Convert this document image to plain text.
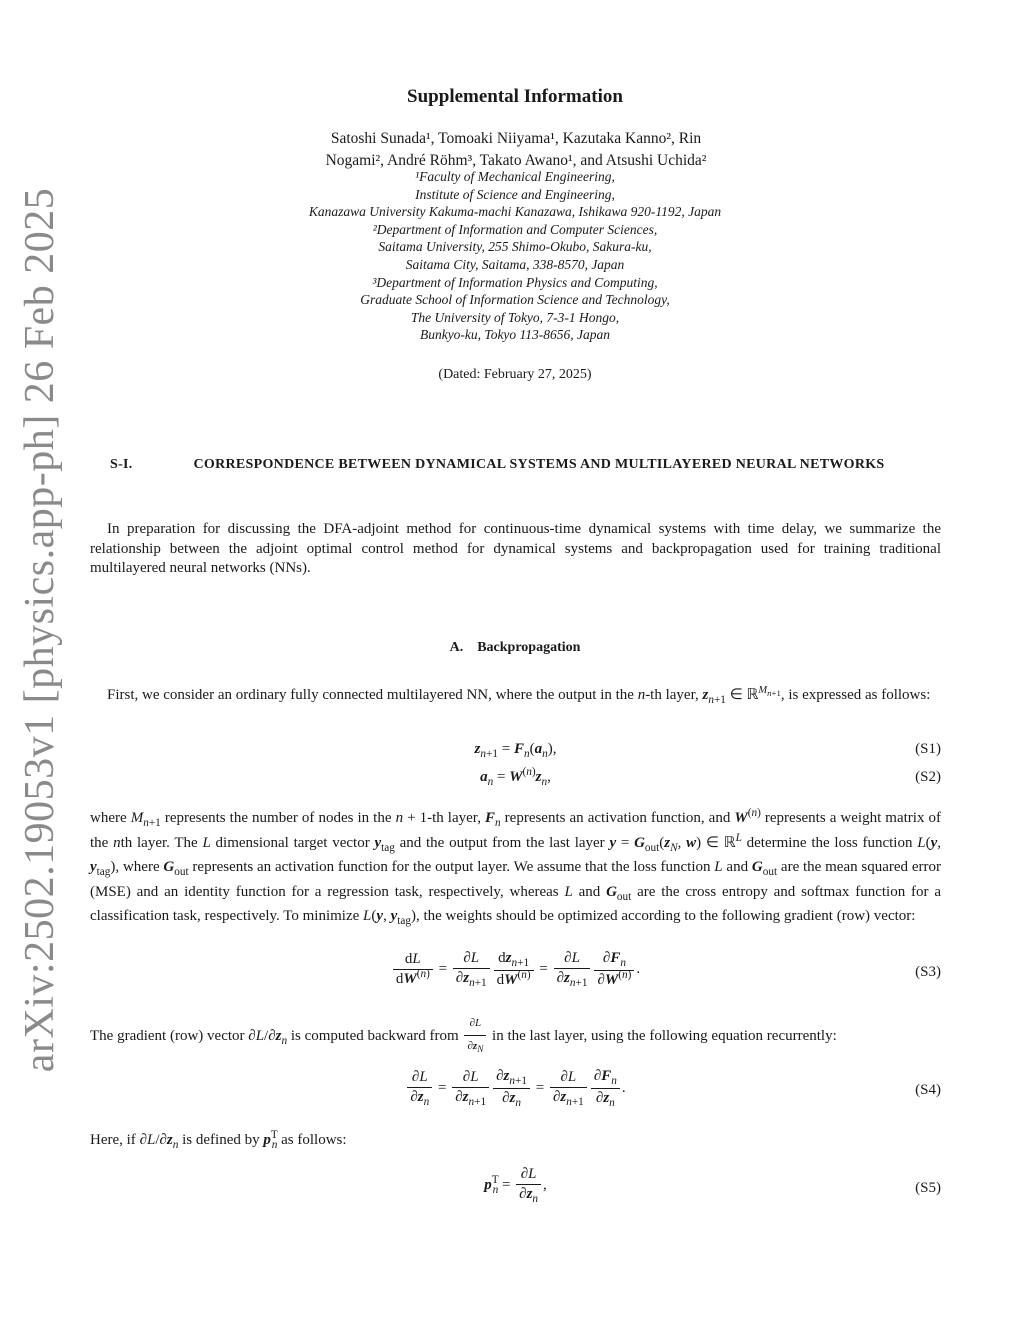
arXiv:2502.19053v1 [physics.app-ph] 26 Feb 2025
Supplemental Information
Satoshi Sunada¹, Tomoaki Niiyama¹, Kazutaka Kanno², Rin
Nogami², André Röhm³, Takato Awano¹, and Atsushi Uchida²
¹Faculty of Mechanical Engineering,
Institute of Science and Engineering,
Kanazawa University Kakuma-machi Kanazawa, Ishikawa 920-1192, Japan
²Department of Information and Computer Sciences,
Saitama University, 255 Shimo-Okubo, Sakura-ku,
Saitama City, Saitama, 338-8570, Japan
³Department of Information Physics and Computing,
Graduate School of Information Science and Technology,
The University of Tokyo, 7-3-1 Hongo,
Bunkyo-ku, Tokyo 113-8656, Japan
(Dated: February 27, 2025)
S-I.	CORRESPONDENCE BETWEEN DYNAMICAL SYSTEMS AND MULTILAYERED NEURAL NETWORKS
In preparation for discussing the DFA-adjoint method for continuous-time dynamical systems with time delay, we summarize the relationship between the adjoint optimal control method for dynamical systems and backpropagation used for training traditional multilayered neural networks (NNs).
A. Backpropagation
First, we consider an ordinary fully connected multilayered NN, where the output in the n-th layer, $z_{n+1}$ ∈ ℝ$^{M_{n+1}}$, is expressed as follows:
$z_{n+1} = F_n(a_n)$,	(S1)
$a_n = W^{(n)}z_n$,	(S2)
where $M_{n+1}$ represents the number of nodes in the n + 1-th layer, $F_n$ represents an activation function, and $W^{(n)}$ represents a weight matrix of the nth layer. The L dimensional target vector $y_{tag}$ and the output from the last layer $y = G_{out}(z_N$, w) ∈ ℝ$^L$ determine the loss function L(y, $y_{tag}$), where $G_{out}$ represents an activation function for the output layer. We assume that the loss function L and $G_{out}$ are the mean squared error (MSE) and an identity function for a regression task, respectively, whereas L and $G_{out}$ are the cross entropy and softmax function for a classification task, respectively. To minimize L(y, $y_{tag}$), the weights should be optimized according to the following gradient (row) vector:
$\frac{dL}{dW^{(n)}} = \frac{\partial L}{\partial z_{n+1}} \frac{dz_{n+1}}{dW^{(n)}} = \frac{\partial L}{\partial z_{n+1}} \frac{\partial F_n}{\partial W^{(n)}}$ .	(S3)
The gradient (row) vector $\partial L/\partial z_n$ is computed backward from $\frac{\partial L}{\partial z_N}$ in the last layer, using the following equation recurrently:
$\frac{\partial L}{\partial z_n} = \frac{\partial L}{\partial z_{n+1}} \frac{\partial z_{n+1}}{\partial z_n} = \frac{\partial L}{\partial z_{n+1}} \frac{\partial F_n}{\partial z_n}$ .	(S4)
Here, if $\partial L/\partial z_n$ is defined by $p^T_n$ as follows:
$p^T_n = \frac{\partial L}{\partial z_n}$ ,	(S5)
